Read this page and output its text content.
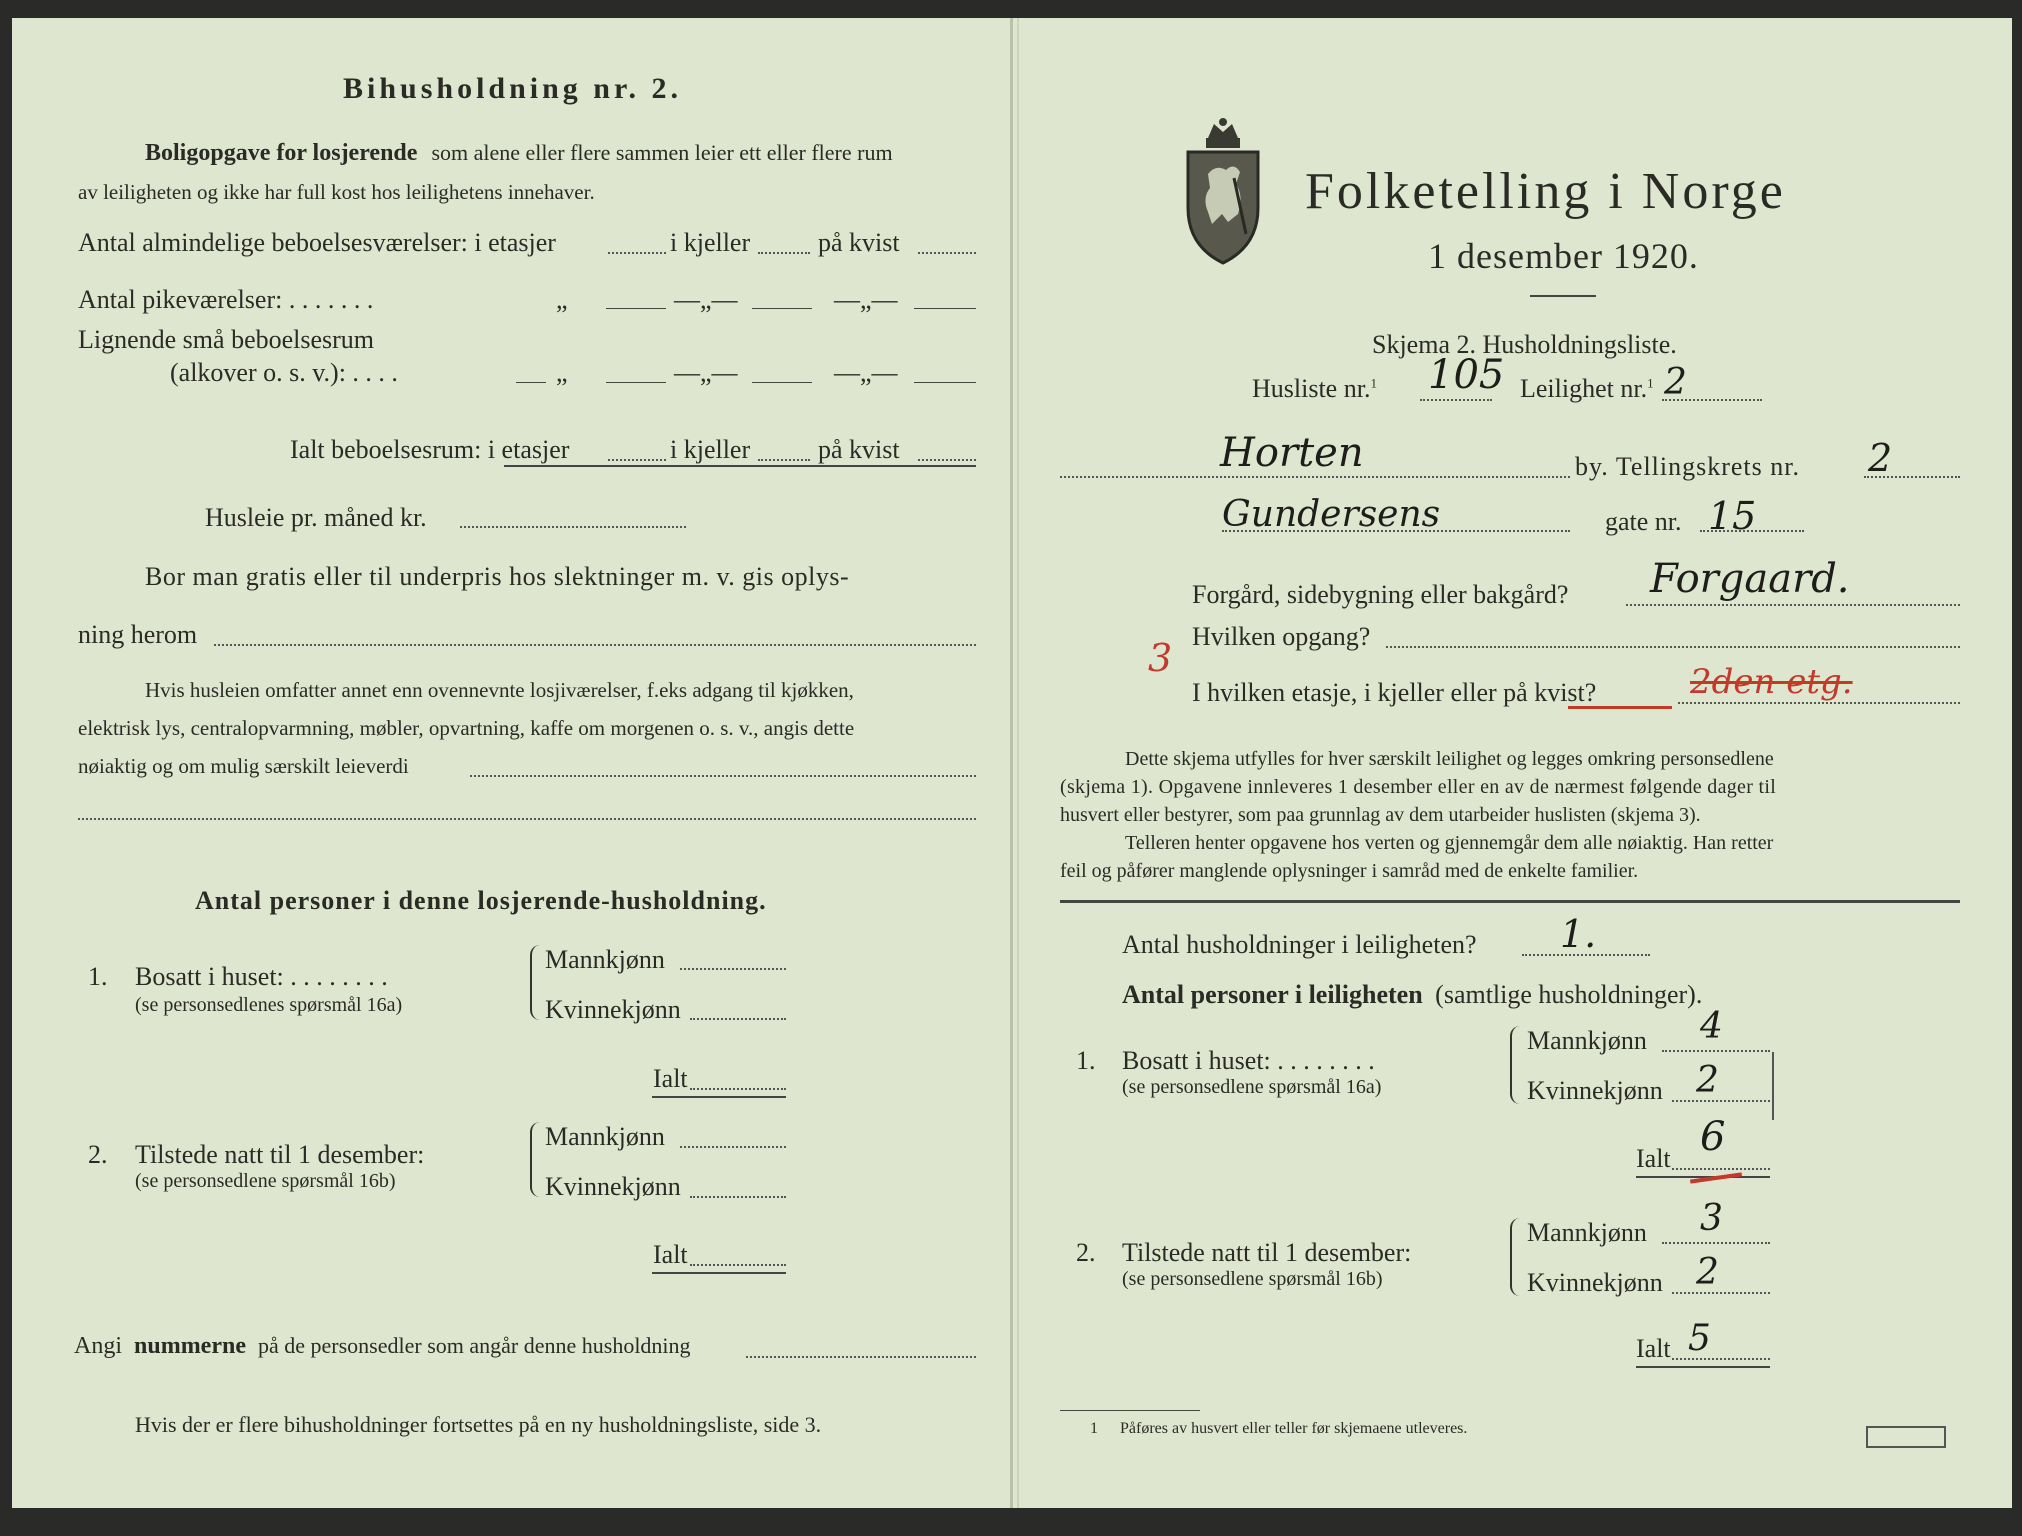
Bihusholdning nr. 2.
Boligopgave for losjerende som alene eller flere sammen leier ett eller flere rum
av leiligheten og ikke har full kost hos leilighetens innehaver.
Antal almindelige beboelsesværelser: i etasjer	i kjeller	på kvist
Antal pikeværelser: . . . . . . .	„	—„—	—„—
Lignende små beboelsesrum
(alkover o. s. v.): . . . .	„	—„—	—„—
Ialt beboelsesrum: i etasjer	i kjeller	på kvist
Husleie pr. måned kr.
Bor man gratis eller til underpris hos slektninger m. v. gis oplys-
ning herom
Hvis husleien omfatter annet enn ovennevnte losjiværelser, f.eks adgang til kjøkken,
elektrisk lys, centralopvarmning, møbler, opvartning, kaffe om morgenen o. s. v., angis dette
nøiaktig og om mulig særskilt leieverdi
Antal personer i denne losjerende-husholdning.
1. Bosatt i huset: . . . . . . . .
(se personsedlenes spørsmål 16a)
Mannkjønn
Kvinnekjønn
Ialt
2. Tilstede natt til 1 desember:
(se personsedlene spørsmål 16b)
Mannkjønn
Kvinnekjønn
Ialt
Angi nummerne på de personsedler som angår denne husholdning
Hvis der er flere bihusholdninger fortsettes på en ny husholdningsliste, side 3.
Folketelling i Norge
1 desember 1920.
Skjema 2. Husholdningsliste.
Husliste nr.$^1$ 105 Leilighet nr.$^1$ 2
Horten	by. Tellingskrets nr. 2
Gundersens	gate nr. 15
Forgård, sidebygning eller bakgård? Forgaard.
Hvilken opgang?
3
I hvilken etasje, i kjeller eller på kvist?	2den etg.
Dette skjema utfylles for hver særskilt leilighet og legges omkring personsedlene
(skjema 1). Opgavene innleveres 1 desember eller en av de nærmest følgende dager til
husvert eller bestyrer, som paa grunnlag av dem utarbeider huslisten (skjema 3).
Telleren henter opgavene hos verten og gjennemgår dem alle nøiaktig. Han retter
feil og påfører manglende oplysninger i samråd med de enkelte familier.
Antal husholdninger i leiligheten? 1.
Antal personer i leiligheten (samtlige husholdninger).
1. Bosatt i huset: . . . . . . . .
(se personsedlene spørsmål 16a)
Mannkjønn 4
Kvinnekjønn 2
Ialt 6
2. Tilstede natt til 1 desember:
(se personsedlene spørsmål 16b)
Mannkjønn 3
Kvinnekjønn 2
Ialt 5
1 Påføres av husvert eller teller før skjemaene utleveres.
